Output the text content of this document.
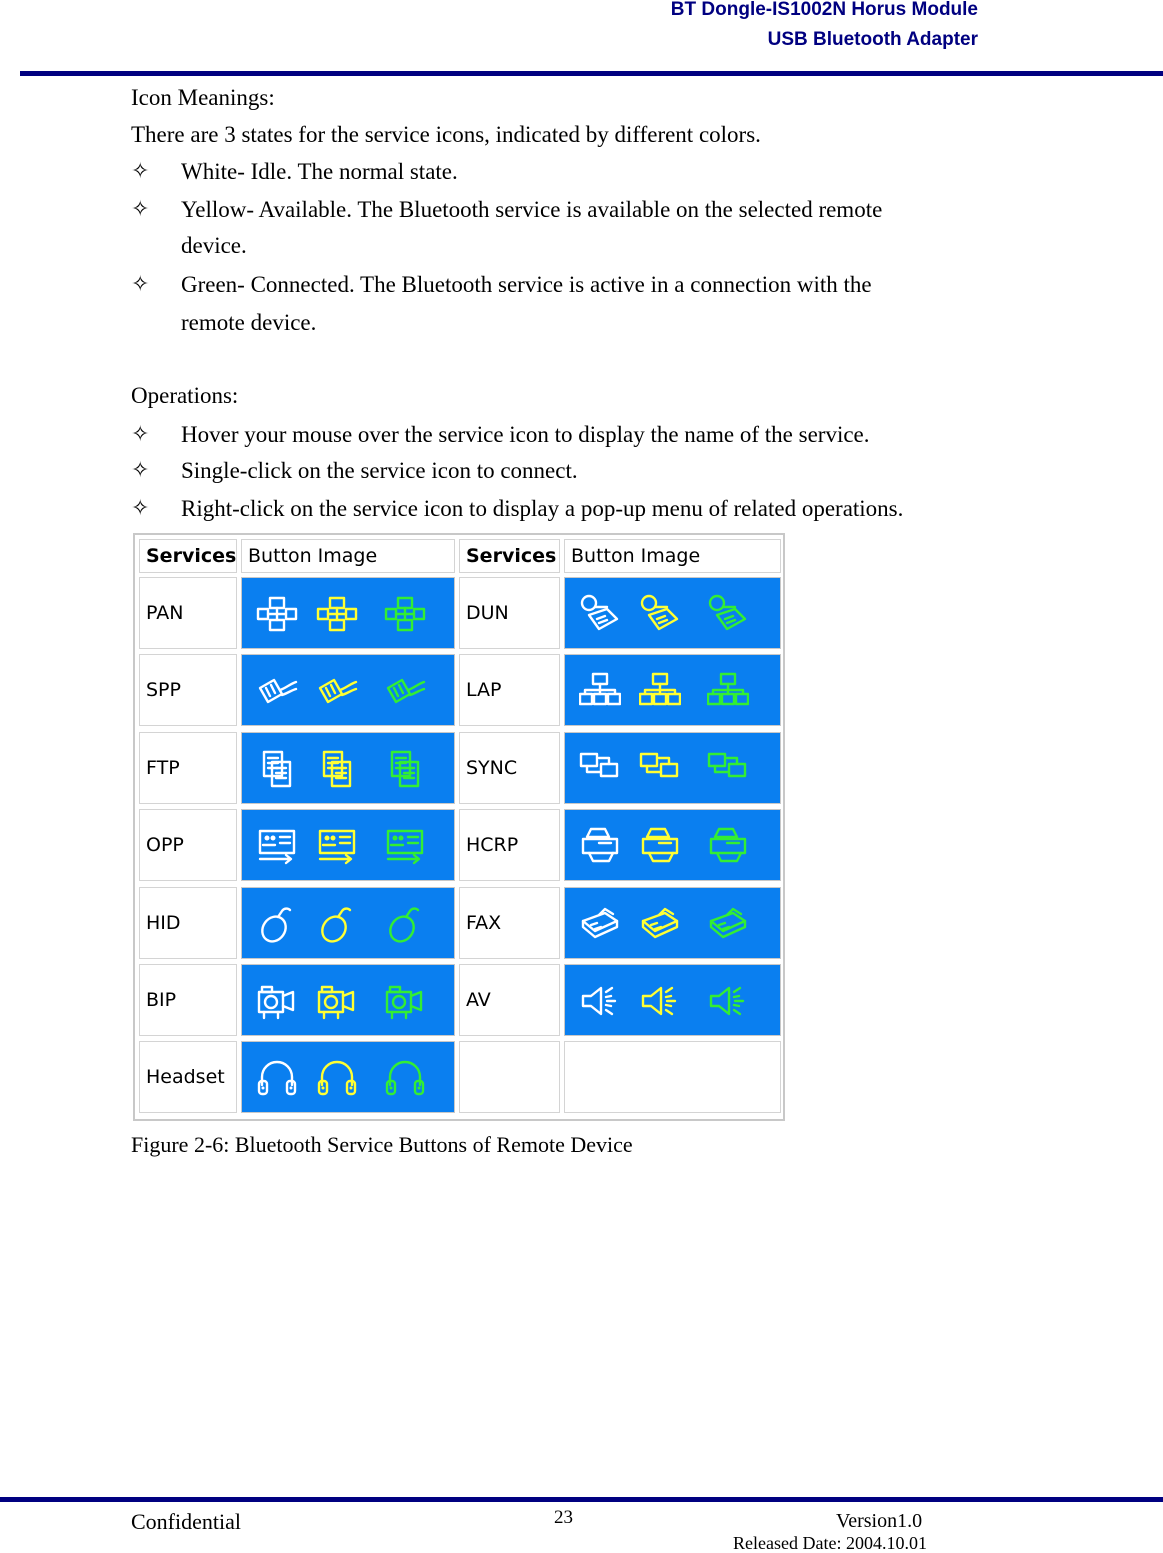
BT Dongle-IS1002N Horus Module
USB Bluetooth Adapter
Icon Meanings:
There are 3 states for the service icons, indicated by different colors.
✧ White- Idle. The normal state.
✧ Yellow- Available. The Bluetooth service is available on the selected remote
device.
✧ Green- Connected. The Bluetooth service is active in a connection with the
remote device.
Operations:
✧ Hover your mouse over the service icon to display the name of the service.
✧ Single-click on the service icon to connect.
✧ Right-click on the service icon to display a pop-up menu of related operations.
Services Button Image	Services Button Image
PAN	DUN
SPP	LAP
FTP	SYNC
OPP	HCRP
HID	FAX
BIP	AV
Headset
Figure 2-6: Bluetooth Service Buttons of Remote Device
Confidential	23	Version1.0
Released Date: 2004.10.01
